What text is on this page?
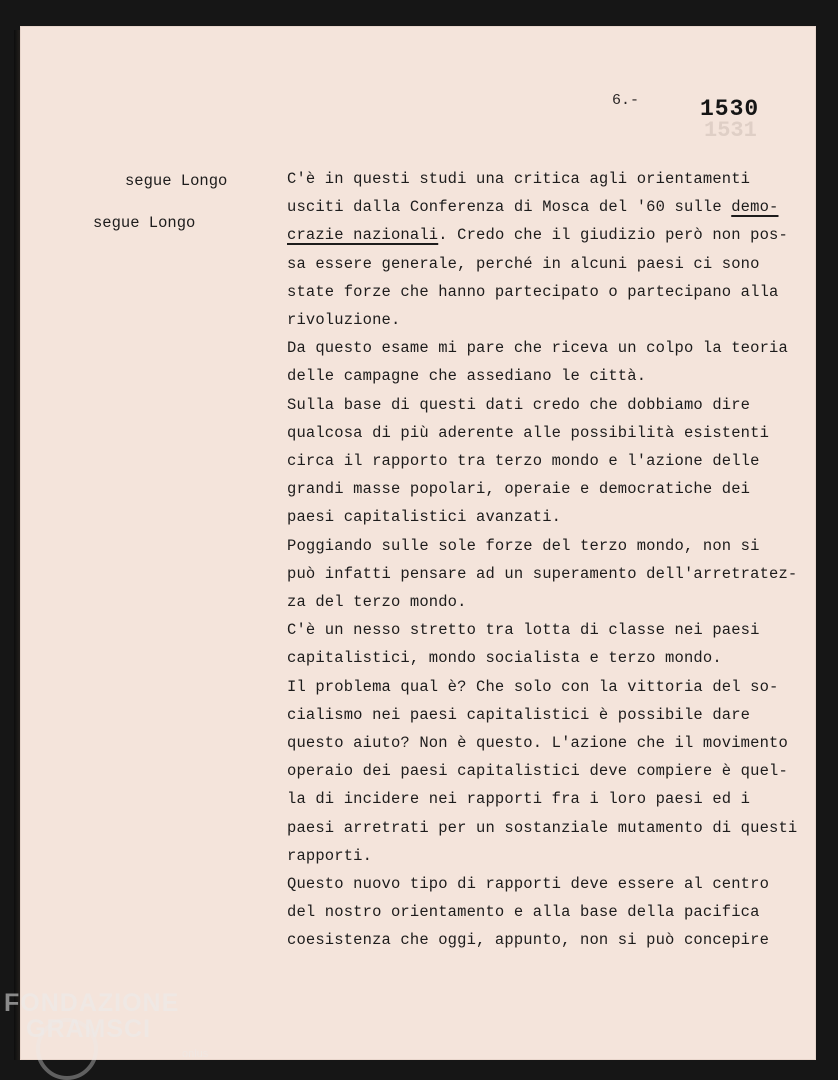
1531
segue Longo
6.-	1530
segue Longo	C'è in questi studi una critica agli orientamenti
usciti dalla Conferenza di Mosca del '60 sulle demo-
crazie nazionali. Credo che il giudizio però non pos-
sa essere generale, perché in alcuni paesi ci sono
state forze che hanno partecipato o partecipano alla
rivoluzione.
Da questo esame mi pare che riceva un colpo la teoria
delle campagne che assediano le città.
Sulla base di questi dati credo che dobbiamo dire
qualcosa di più aderente alle possibilità esistenti
circa il rapporto tra terzo mondo e l'azione delle
grandi masse popolari, operaie e democratiche dei
paesi capitalistici avanzati.
Poggiando sulle sole forze del terzo mondo, non si
può infatti pensare ad un superamento dell'arretratez-
za del terzo mondo.
C'è un nesso stretto tra lotta di classe nei paesi
capitalistici, mondo socialista e terzo mondo.
Il problema qual è? Che solo con la vittoria del so-
cialismo nei paesi capitalistici è possibile dare
questo aiuto? Non è questo. L'azione che il movimento
operaio dei paesi capitalistici deve compiere è quel-
la di incidere nei rapporti fra i loro paesi ed i
paesi arretrati per un sostanziale mutamento di questi
rapporti.
Questo nuovo tipo di rapporti deve essere al centro
del nostro orientamento e alla base della pacifica
coesistenza che oggi, appunto, non si può concepire
FONDAZIONE
GRAMSCI
onlus
